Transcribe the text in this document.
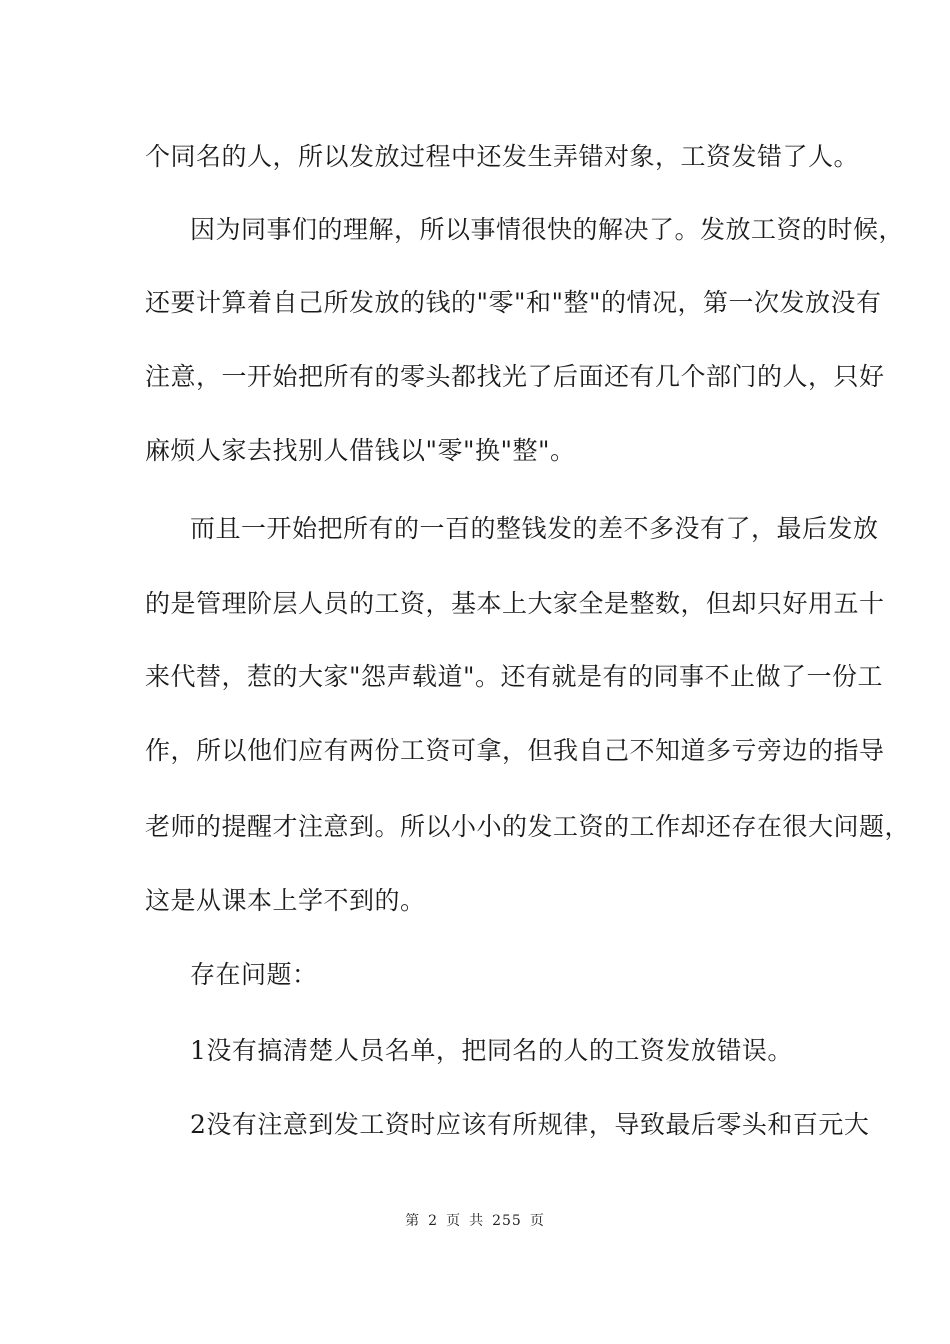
个同名的人，所以发放过程中还发生弄错对象，工资发错了人。
因为同事们的理解，所以事情很快的解决了。发放工资的时候，
还要计算着自己所发放的钱的"零"和"整"的情况，第一次发放没有
注意，一开始把所有的零头都找光了后面还有几个部门的人，只好
麻烦人家去找别人借钱以"零"换"整"。
而且一开始把所有的一百的整钱发的差不多没有了，最后发放
的是管理阶层人员的工资，基本上大家全是整数，但却只好用五十
来代替，惹的大家"怨声载道"。还有就是有的同事不止做了一份工
作，所以他们应有两份工资可拿，但我自己不知道多亏旁边的指导
老师的提醒才注意到。所以小小的发工资的工作却还存在很大问题，
这是从课本上学不到的。
存在问题：
1没有搞清楚人员名单，把同名的人的工资发放错误。
2没有注意到发工资时应该有所规律，导致最后零头和百元大
第 2 页 共 255 页
